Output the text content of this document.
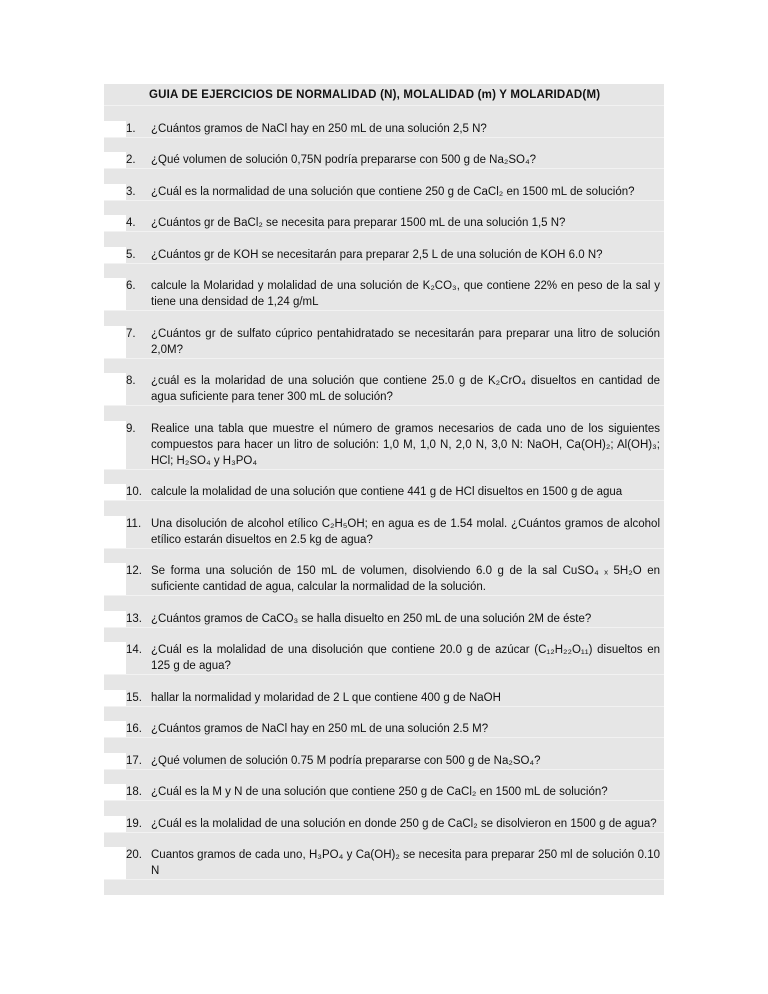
GUIA DE EJERCICIOS DE NORMALIDAD (N), MOLALIDAD (m) Y MOLARIDAD(M)
1.	¿Cuántos gramos de NaCl hay en 250 mL de una solución 2,5 N?
2.	¿Qué volumen de solución 0,75N podría prepararse con 500 g de Na₂SO₄?
3.	¿Cuál es la normalidad de una solución que contiene 250 g de CaCl₂ en 1500 mL de solución?
4.	¿Cuántos gr de BaCl₂ se necesita para preparar 1500 mL de una solución 1,5 N?
5.	¿Cuántos gr de KOH se necesitarán para preparar 2,5 L de una solución de KOH 6.0 N?
6.	calcule la Molaridad y molalidad de una solución de K₂CO₃, que contiene 22% en peso de la sal y tiene una densidad de 1,24 g/mL
7.	¿Cuántos gr de sulfato cúprico pentahidratado se necesitarán para preparar una litro de solución 2,0M?
8.	¿cuál es la molaridad de una solución que contiene 25.0 g de K₂CrO₄ disueltos en cantidad de agua suficiente para tener 300 mL de solución?
9.	Realice una tabla que muestre el número de gramos necesarios de cada uno de los siguientes compuestos para hacer un litro de solución: 1,0 M, 1,0 N, 2,0 N, 3,0 N: NaOH, Ca(OH)₂; Al(OH)₃; HCl; H₂SO₄ y H₃PO₄
10. calcule la molalidad de una solución que contiene 441 g de HCl disueltos en 1500 g de agua
11. Una disolución de alcohol etílico C₂H₅OH; en agua es de 1.54 molal. ¿Cuántos gramos de alcohol etílico estarán disueltos en 2.5 kg de agua?
12. Se forma una solución de 150 mL de volumen, disolviendo 6.0 g de la sal CuSO₄ ₓ 5H₂O en suficiente cantidad de agua, calcular la normalidad de la solución.
13. ¿Cuántos gramos de CaCO₃ se halla disuelto en 250 mL de una solución 2M de éste?
14. ¿Cuál es la molalidad de una disolución que contiene 20.0 g de azúcar (C₁₂H₂₂O₁₁) disueltos en 125 g de agua?
15. hallar la normalidad y molaridad de 2 L que contiene 400 g de NaOH
16. ¿Cuántos gramos de NaCl hay en 250 mL de una solución 2.5 M?
17. ¿Qué volumen de solución 0.75 M podría prepararse con 500 g de Na₂SO₄?
18. ¿Cuál es la M y N de una solución que contiene 250 g de CaCl₂ en 1500 mL de solución?
19. ¿Cuál es la molalidad de una solución en donde 250 g de CaCl₂ se disolvieron en 1500 g de agua?
20. Cuantos gramos de cada uno, H₃PO₄ y Ca(OH)₂ se necesita para preparar 250 ml de solución 0.10 N
